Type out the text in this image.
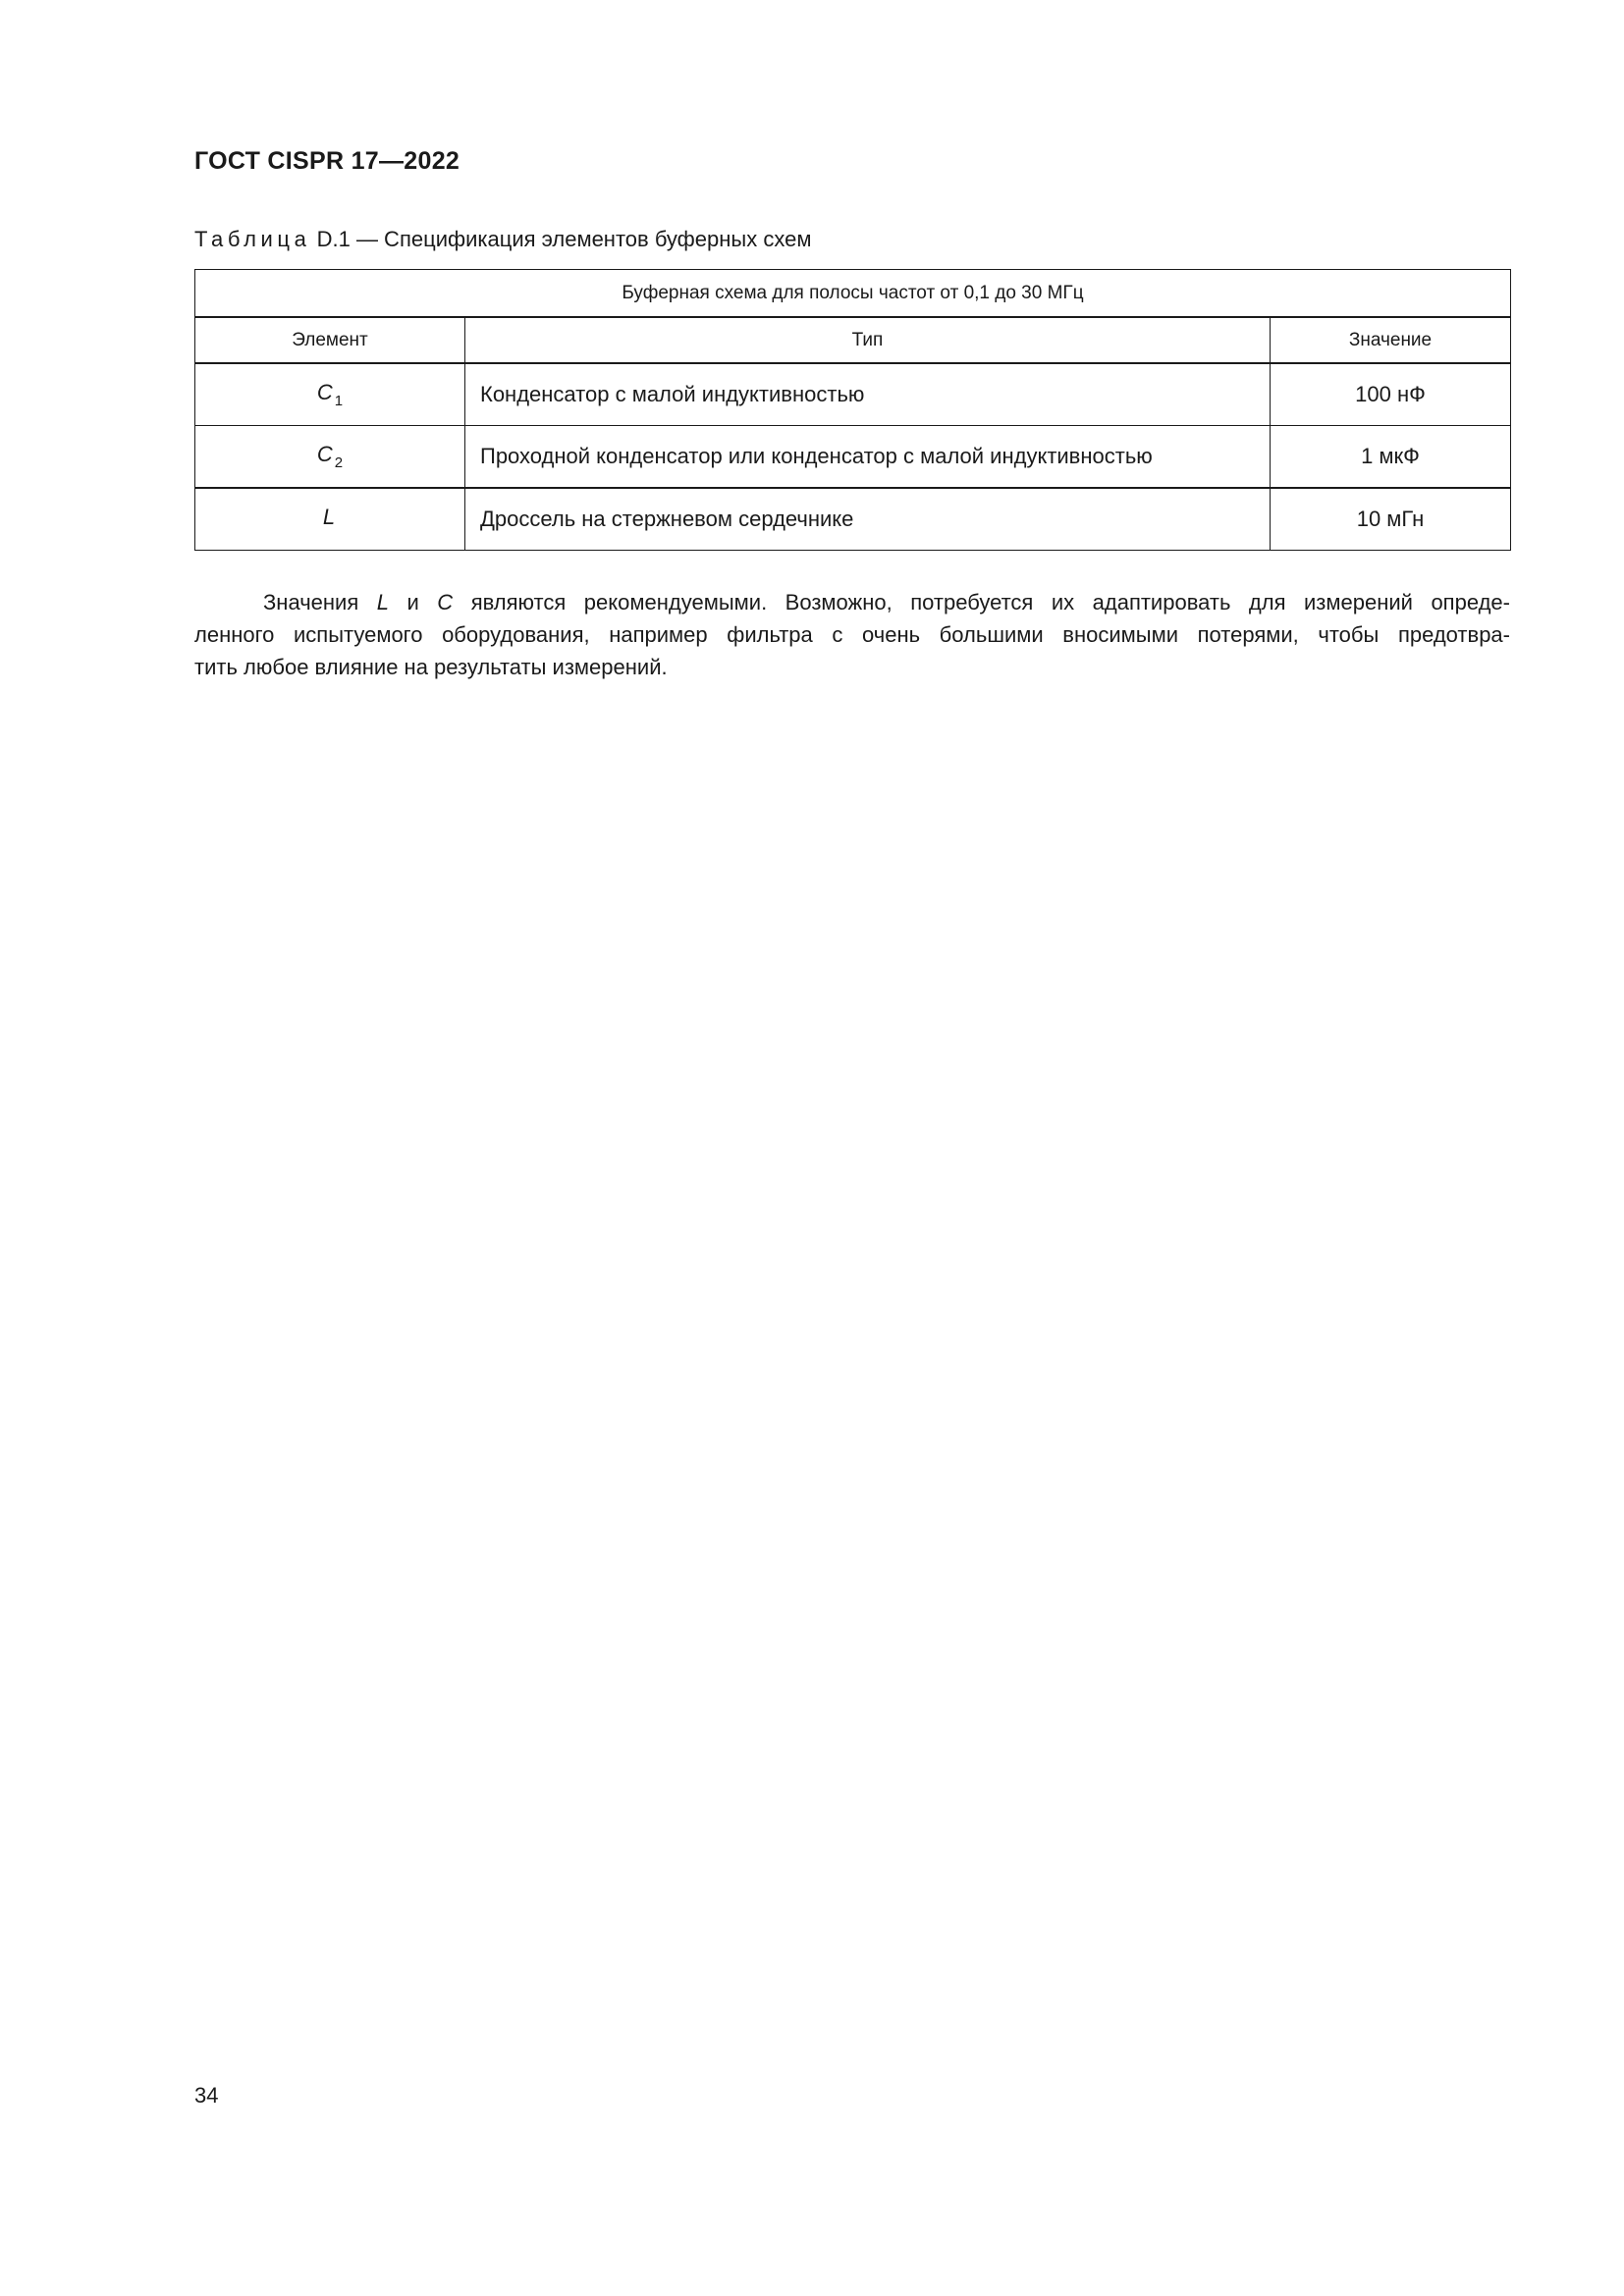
ГОСТ CISPR 17—2022
Таблица D.1 — Спецификация элементов буферных схем
Буферная схема для полосы частот от 0,1 до 30 МГц		
Элемент	Тип	Значение
C $_1$	Конденсатор с малой индуктивностью	100 нФ
C $_2$	Проходной конденсатор или конденсатор с малой индуктивностью	1 мкФ
L	Дроссель на стержневом сердечнике	10 мГн
Значения L и C являются рекомендуемыми. Возможно, потребуется их адаптировать для измерений опреде-
ленного испытуемого оборудования, например фильтра с очень большими вносимыми потерями, чтобы предотвра-
тить любое влияние на результаты измерений.
34
